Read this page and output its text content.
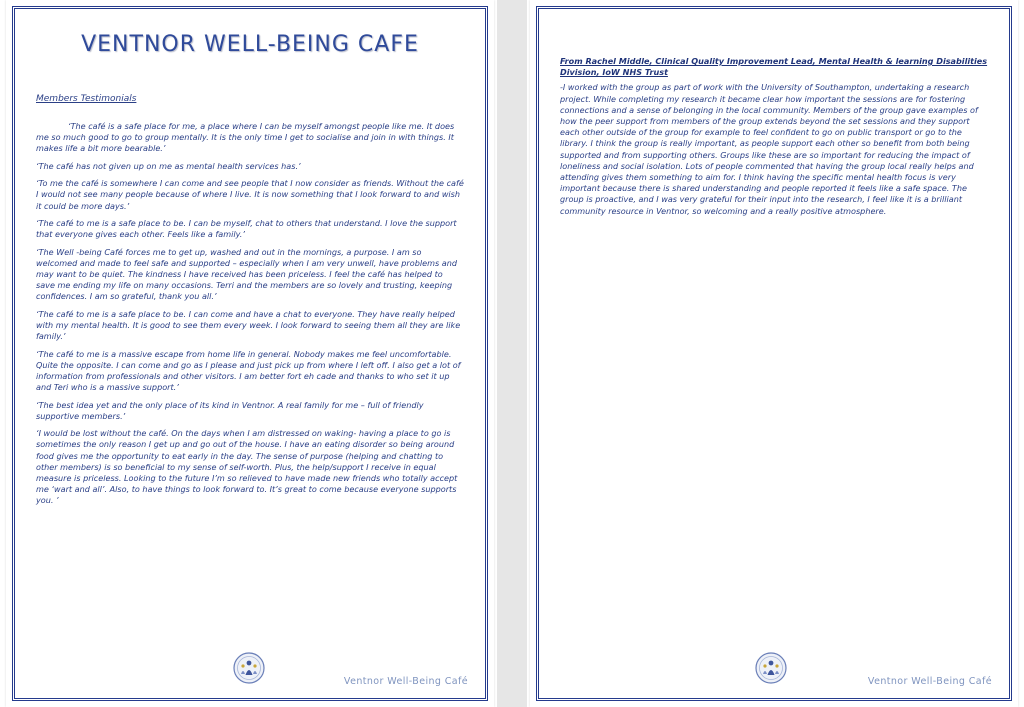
VENTNOR WELL-BEING CAFE
Members Testimonials

‘The café is a safe place for me, a place where I can be myself amongst people like me. It does me so much good to go to group mentally. It is the only time I get to socialise and join in with things. It makes life a bit more bearable.’

‘The café has not given up on me as mental health services has.’

‘To me the café is somewhere I can come and see people that I now consider as friends. Without the café I would not see many people because of where I live. It is now something that I look forward to and wish it could be more days.’

‘The café to me is a safe place to be. I can be myself, chat to others that understand. I love the support that everyone gives each other. Feels like a family.’

‘The Well -being Café forces me to get up, washed and out in the mornings, a purpose. I am so welcomed and made to feel safe and supported – especially when I am very unwell, have problems and may want to be quiet. The kindness I have received has been priceless. I feel the café has helped to save me ending my life on many occasions. Terri and the members are so lovely and trusting, keeping confidences. I am so grateful, thank you all.’

‘The café to me is a safe place to be. I can come and have a chat to everyone. They have really helped with my mental health. It is good to see them every week. I look forward to seeing them all they are like family.’

‘The café to me is a massive escape from home life in general. Nobody makes me feel uncomfortable. Quite the opposite. I can come and go as I please and just pick up from where I left off. I also get a lot of information from professionals and other visitors. I am better fort eh cade and thanks to who set it up and Teri who is a massive support.’

‘The best idea yet and the only place of its kind in Ventnor. A real family for me – full of friendly supportive members.’

‘I would be lost without the café. On the days when I am distressed on waking- having a place to go is sometimes the only reason I get up and go out of the house. I have an eating disorder so being around food gives me the opportunity to eat early in the day. The sense of purpose (helping and chatting to other members) is so beneficial to my sense of self-worth. Plus, the help/support I receive in equal measure is priceless. Looking to the future I’m so relieved to have made new friends who totally accept me ‘wart and all’. Also, to have things to look forward to. It’s great to come because everyone supports you. ’

Ventnor Well-Being Café

From Rachel Middle, Clinical Quality Improvement Lead, Mental Health & learning Disabilities Division, IoW NHS Trust

-I worked with the group as part of work with the University of Southampton, undertaking a research project. While completing my research it became clear how important the sessions are for fostering connections and a sense of belonging in the local community. Members of the group gave examples of how the peer support from members of the group extends beyond the set sessions and they support each other outside of the group for example to feel confident to go on public transport or go to the library. I think the group is really important, as people support each other so benefit from both being supported and from supporting others. Groups like these are so important for reducing the impact of loneliness and social isolation. Lots of people commented that having the group local really helps and attending gives them something to aim for. I think having the specific mental health focus is very important because there is shared understanding and people reported it feels like a safe space. The group is proactive, and I was very grateful for their input into the research, I feel like it is a brilliant community resource in Ventnor, so welcoming and a really positive atmosphere.

Ventnor Well-Being Café
